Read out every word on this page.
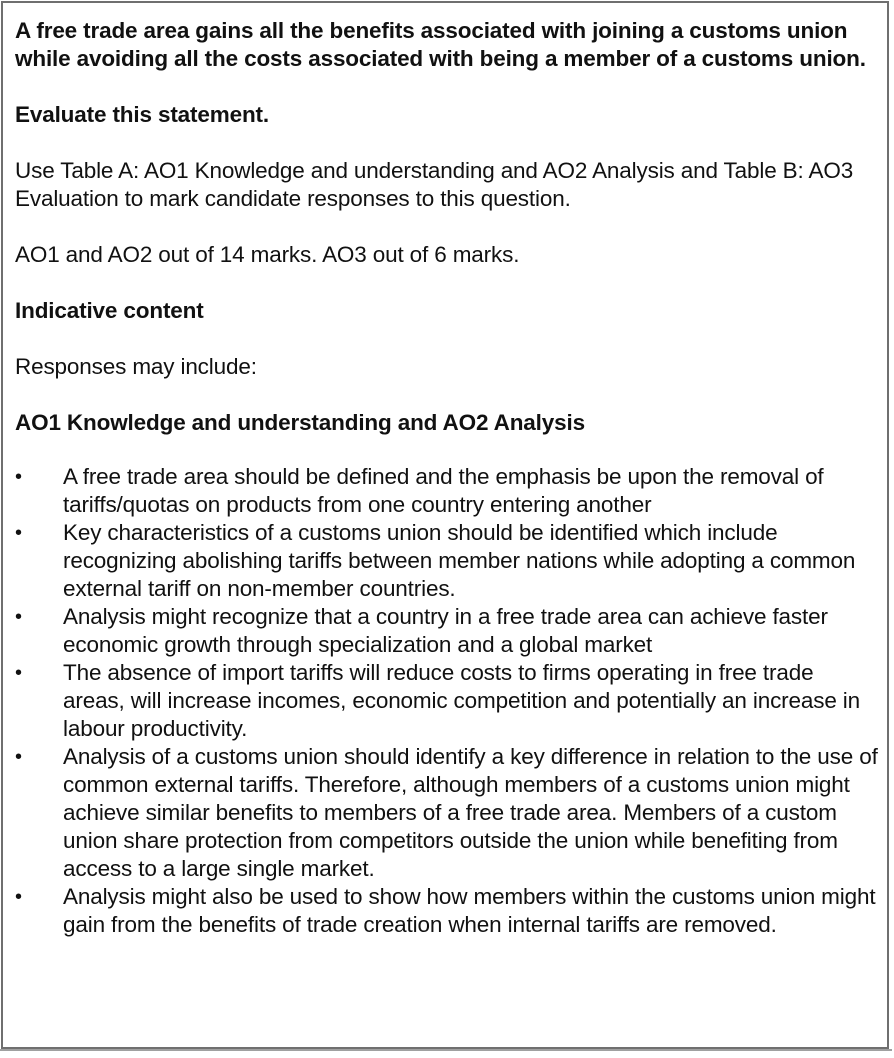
A free trade area gains all the benefits associated with joining a customs union while avoiding all the costs associated with being a member of a customs union.

Evaluate this statement.

Use Table A: AO1 Knowledge and understanding and AO2 Analysis and Table B: AO3 Evaluation to mark candidate responses to this question.

AO1 and AO2 out of 14 marks. AO3 out of 6 marks.

Indicative content

Responses may include:

AO1 Knowledge and understanding and AO2 Analysis

•	A free trade area should be defined and the emphasis be upon the removal of tariffs/quotas on products from one country entering another
•	Key characteristics of a customs union should be identified which include recognizing abolishing tariffs between member nations while adopting a common external tariff on non-member countries.
•	Analysis might recognize that a country in a free trade area can achieve faster economic growth through specialization and a global market
•	The absence of import tariffs will reduce costs to firms operating in free trade areas, will increase incomes, economic competition and potentially an increase in labour productivity.
•	Analysis of a customs union should identify a key difference in relation to the use of common external tariffs. Therefore, although members of a customs union might achieve similar benefits to members of a free trade area. Members of a custom union share protection from competitors outside the union while benefiting from access to a large single market.
•	Analysis might also be used to show how members within the customs union might gain from the benefits of trade creation when internal tariffs are removed.
